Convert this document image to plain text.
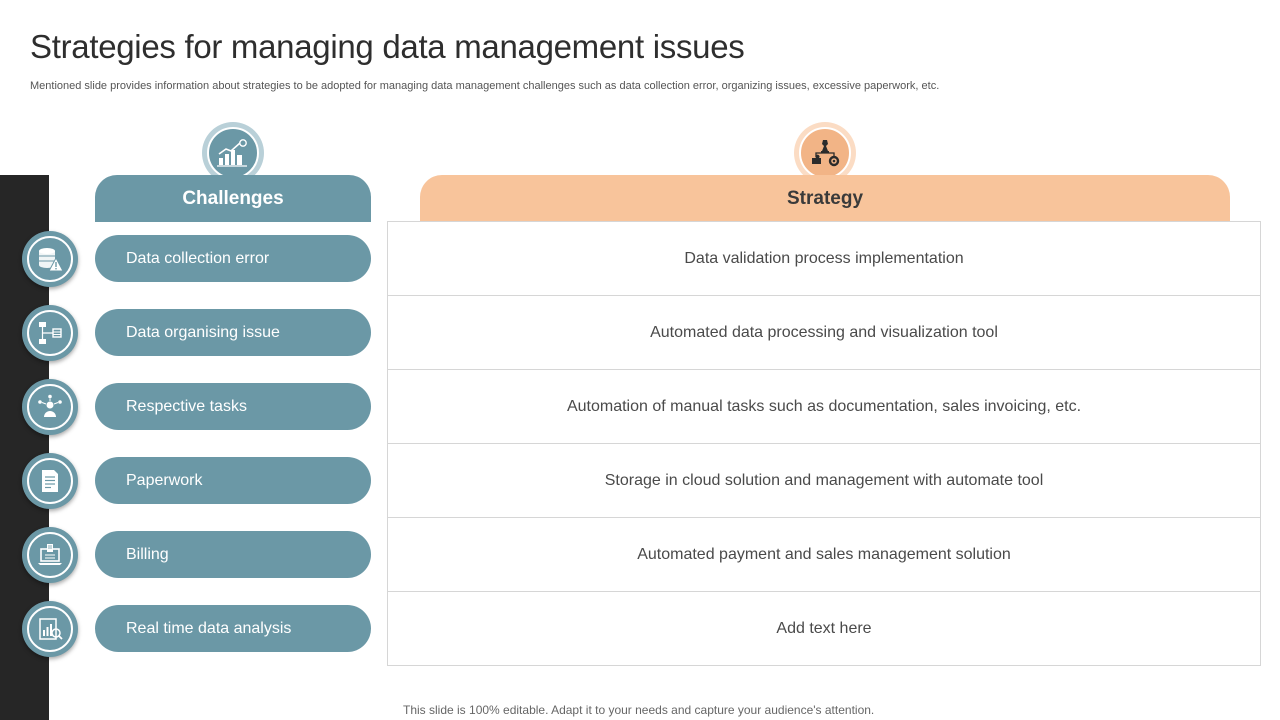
Strategies for managing data management issues
Mentioned slide provides information about strategies to be adopted for managing data management challenges such as data collection error, organizing issues, excessive paperwork, etc.
Challenges	Strategy
Data collection error	Data validation process implementation
Data organising issue	Automated data processing and visualization tool
Respective tasks	Automation of manual tasks such as documentation, sales invoicing, etc.
Paperwork	Storage in cloud solution and management with automate tool
Billing	Automated payment and sales management solution
Real time data analysis	Add text here
This slide is 100% editable. Adapt it to your needs and capture your audience's attention.
